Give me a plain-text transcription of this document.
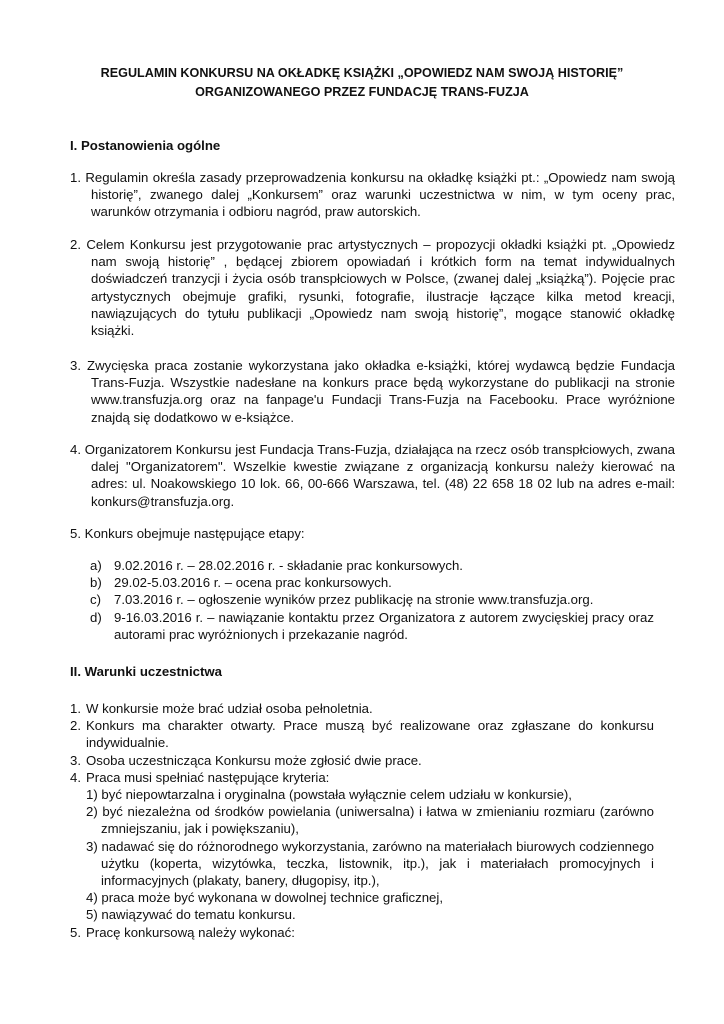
REGULAMIN KONKURSU NA OKŁADKĘ KSIĄŻKI „OPOWIEDZ NAM SWOJĄ HISTORIĘ”
ORGANIZOWANEGO PRZEZ FUNDACJĘ TRANS-FUZJA
I. Postanowienia ogólne
1. Regulamin określa zasady przeprowadzenia konkursu na okładkę książki pt.: „Opowiedz nam swoją historię”, zwanego dalej „Konkursem” oraz warunki uczestnictwa w nim, w tym oceny prac, warunków otrzymania i odbioru nagród, praw autorskich.
2. Celem Konkursu jest przygotowanie prac artystycznych – propozycji okładki książki pt. „Opowiedz nam swoją historię” , będącej zbiorem opowiadań i krótkich form na temat indywidualnych doświadczeń tranzycji i życia osób transpłciowych w Polsce, (zwanej dalej „książką”). Pojęcie prac artystycznych obejmuje grafiki, rysunki, fotografie, ilustracje łączące kilka metod kreacji, nawiązujących do tytułu publikacji „Opowiedz nam swoją historię”, mogące stanowić okładkę książki.
3. Zwycięska praca zostanie wykorzystana jako okładka e-książki, której wydawcą będzie Fundacja Trans-Fuzja. Wszystkie nadesłane na konkurs prace będą wykorzystane do publikacji na stronie www.transfuzja.org oraz na fanpage'u Fundacji Trans-Fuzja na Facebooku. Prace wyróżnione znajdą się dodatkowo w e-książce.
4. Organizatorem Konkursu jest Fundacja Trans-Fuzja, działająca na rzecz osób transpłciowych, zwana dalej "Organizatorem". Wszelkie kwestie związane z organizacją konkursu należy kierować na adres: ul. Noakowskiego 10 lok. 66, 00-666 Warszawa, tel. (48) 22 658 18 02 lub na adres e-mail: konkurs@transfuzja.org.
5. Konkurs obejmuje następujące etapy:
a) 9.02.2016 r. – 28.02.2016 r. - składanie prac konkursowych.
b) 29.02-5.03.2016 r. – ocena prac konkursowych.
c) 7.03.2016 r. – ogłoszenie wyników przez publikację na stronie www.transfuzja.org.
d) 9-16.03.2016 r. – nawiązanie kontaktu przez Organizatora z autorem zwycięskiej pracy oraz autorami prac wyróżnionych i przekazanie nagród.
II. Warunki uczestnictwa
1. W konkursie może brać udział osoba pełnoletnia.
2. Konkurs ma charakter otwarty. Prace muszą być realizowane oraz zgłaszane do konkursu indywidualnie.
3. Osoba uczestnicząca Konkursu może zgłosić dwie prace.
4. Praca musi spełniać następujące kryteria:
1) być niepowtarzalna i oryginalna (powstała wyłącznie celem udziału w konkursie),
2) być niezależna od środków powielania (uniwersalna) i łatwa w zmienianiu rozmiaru (zarówno zmniejszaniu, jak i powiększaniu),
3) nadawać się do różnorodnego wykorzystania, zarówno na materiałach biurowych codziennego użytku (koperta, wizytówka, teczka, listownik, itp.), jak i materiałach promocyjnych i informacyjnych (plakaty, banery, długopisy, itp.),
4) praca może być wykonana w dowolnej technice graficznej,
5) nawiązywać do tematu konkursu.
5. Pracę konkursową należy wykonać:
